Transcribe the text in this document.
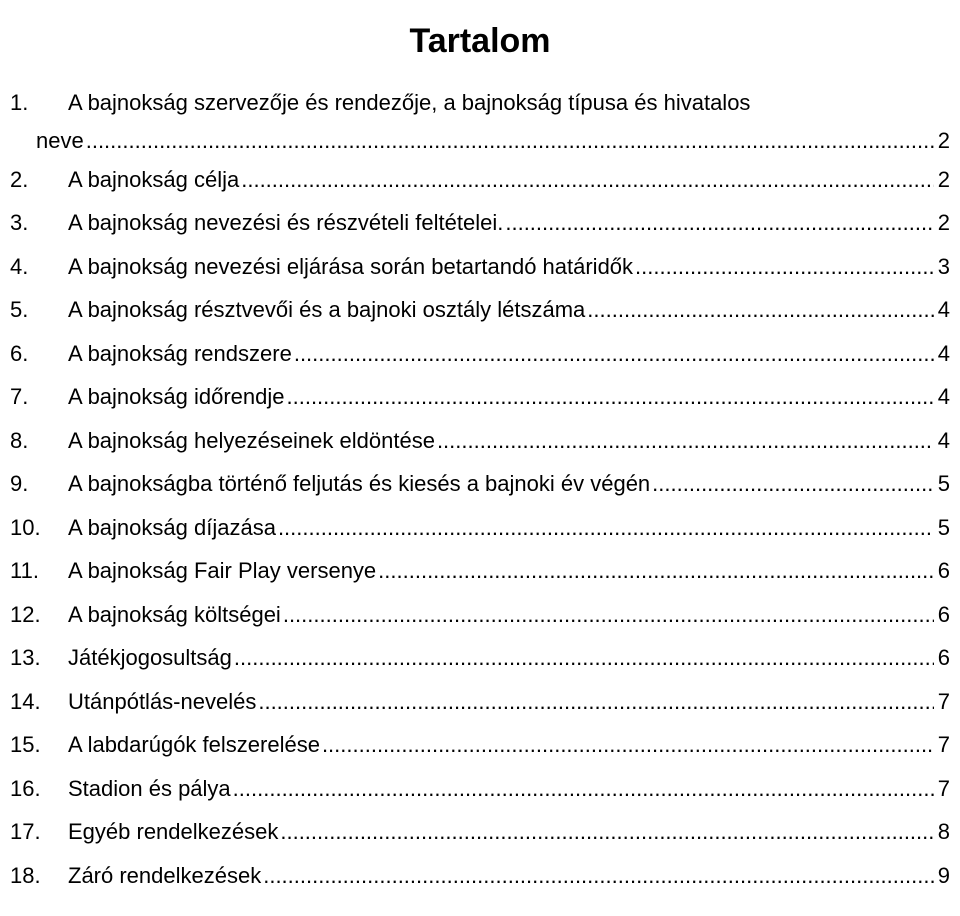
Tartalom
1. A bajnokság szervezője és rendezője, a bajnokság típusa és hivatalos
neve .....	2
2. A bajnokság célja .....	2
3. A bajnokság nevezési és részvételi feltételei. .....	2
4. A bajnokság nevezési eljárása során betartandó határidők .....	3
5. A bajnokság résztvevői és a bajnoki osztály létszáma .....	4
6. A bajnokság rendszere .....	4
7. A bajnokság időrendje .....	4
8. A bajnokság helyezéseinek eldöntése .....	4
9. A bajnokságba történő feljutás és kiesés a bajnoki év végén .....	5
10. A bajnokság díjazása .....	5
11. A bajnokság Fair Play versenye .....	6
12. A bajnokság költségei .....	6
13. Játékjogosultság .....	6
14. Utánpótlás-nevelés .....	7
15. A labdarúgók felszerelése .....	7
16. Stadion és pálya .....	7
17. Egyéb rendelkezések .....	8
18. Záró rendelkezések .....	9
